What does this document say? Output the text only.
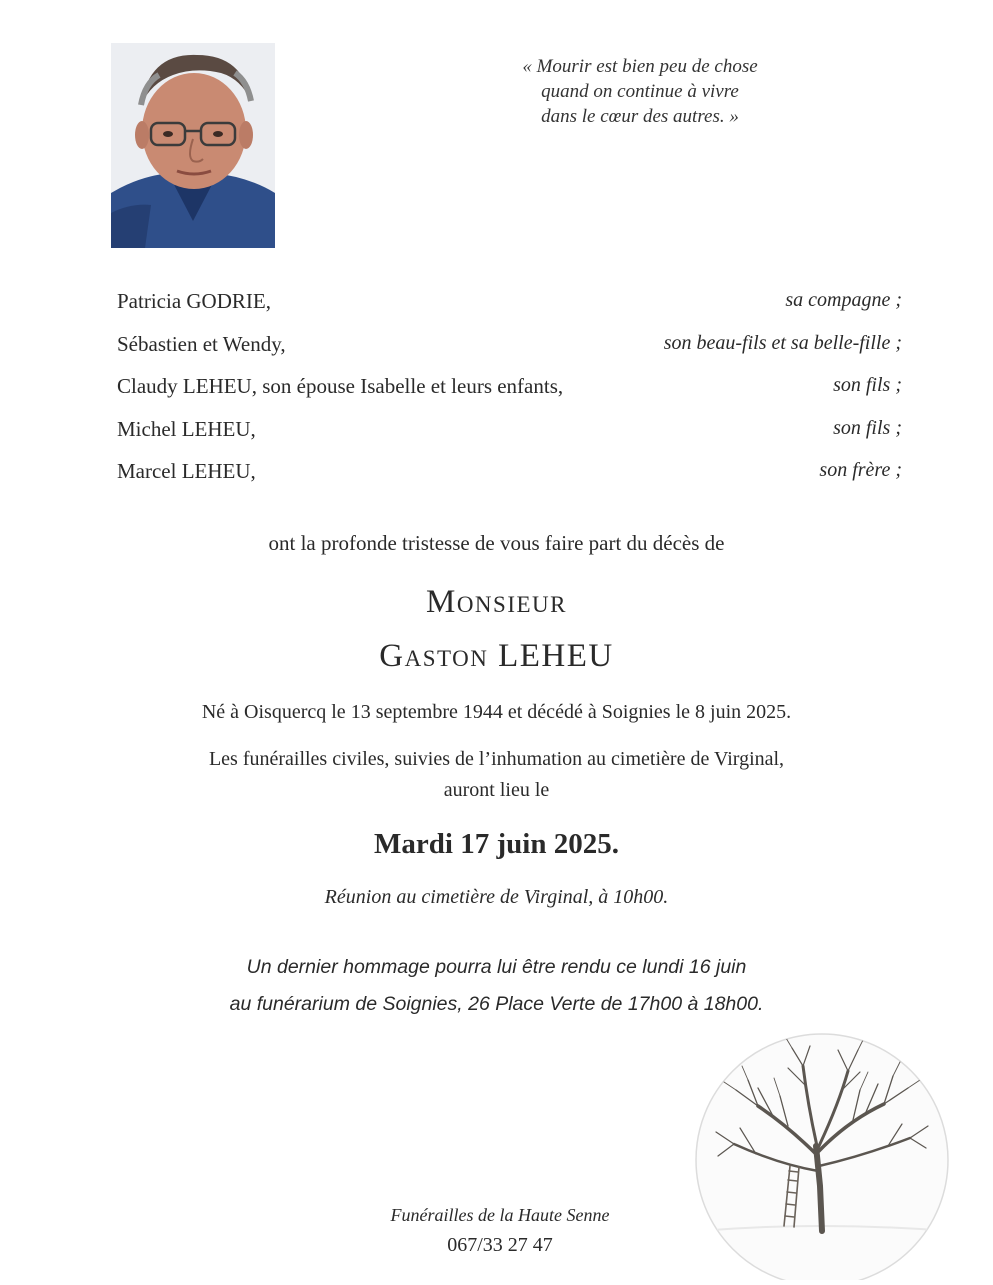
« Mourir est bien peu de chose
quand on continue à vivre
dans le cœur des autres. »
Patricia GODRIE,	sa compagne ;
Sébastien et Wendy,	son beau-fils et sa belle-fille ;
Claudy LEHEU, son épouse Isabelle et leurs enfants,	son fils ;
Michel LEHEU,	son fils ;
Marcel LEHEU,	son frère ;
ont la profonde tristesse de vous faire part du décès de
Monsieur
Gaston LEHEU
Né à Oisquercq le 13 septembre 1944 et décédé à Soignies le 8 juin 2025.
Les funérailles civiles, suivies de l’inhumation au cimetière de Virginal,
auront lieu le
Mardi 17 juin 2025.
Réunion au cimetière de Virginal, à 10h00.
Un dernier hommage pourra lui être rendu ce lundi 16 juin
au funérarium de Soignies, 26 Place Verte de 17h00 à 18h00.
Funérailles de la Haute Senne
067/33 27 47
